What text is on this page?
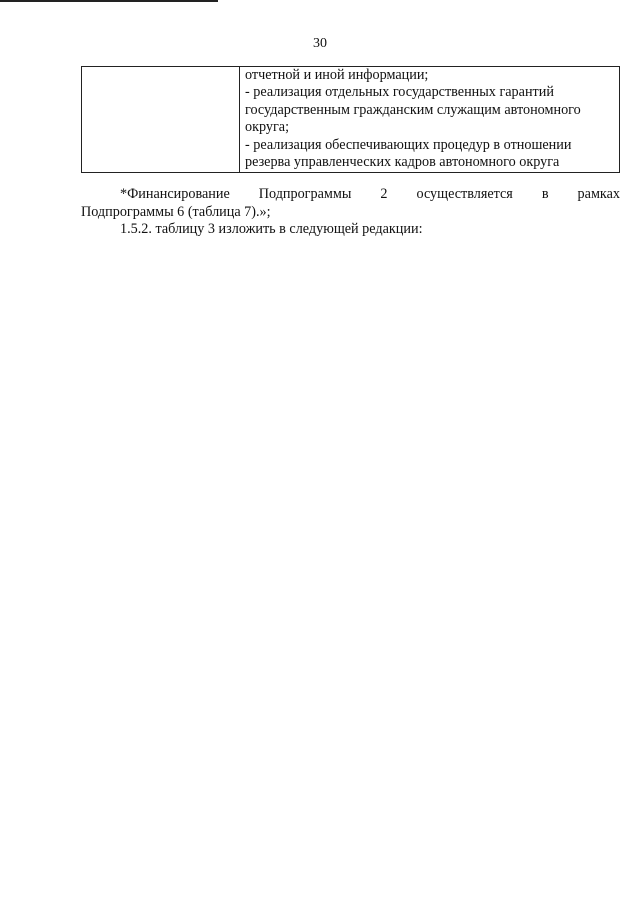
30

отчетной и иной информации;
- реализация отдельных государственных гарантий
государственным гражданским служащим автономного
округа;
- реализация обеспечивающих процедур в отношении
резерва управленческих кадров автономного округа
*Финансирование Подпрограммы 2 осуществляется в рамках
Подпрограммы 6 (таблица 7).»;
1.5.2. таблицу 3 изложить в следующей редакции:
